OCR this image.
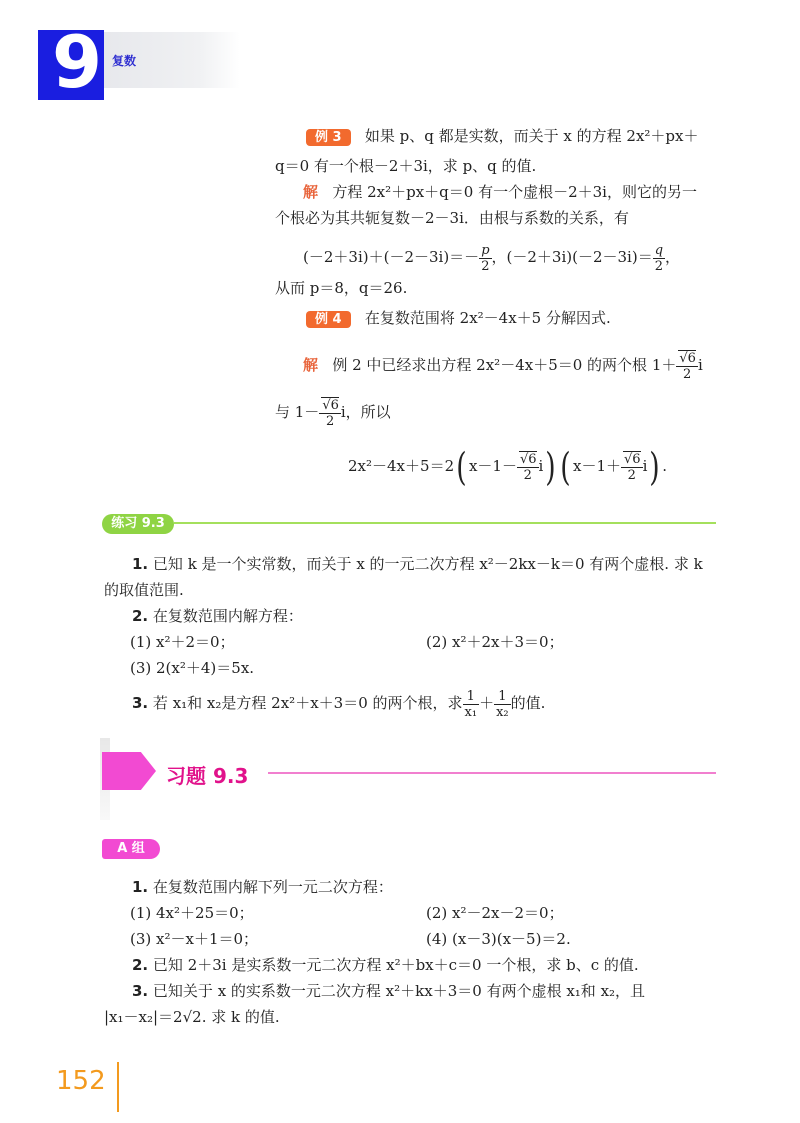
9 复数
例 3 如果 p、q 都是实数，而关于 x 的方程 2x²＋px＋
q＝0 有一个根－2＋3i，求 p、q 的值.
解 方程 2x²＋px＋q＝0 有一个虚根－2＋3i，则它的另一
个根必为其共轭复数－2－3i．由根与系数的关系，有
$(-2+3i)+(-2-3i)=- \frac{p}{2}$ ，$(-2+3i)(-2-3i)= \frac{q}{2}$ ，
从而 p＝8，q＝26.
例 4 在复数范围将 2x²－4x＋5 分解因式.
解 例 2 中已经求出方程 2x²－4x＋5＝0 的两个根 $1+ \frac{√6}{2}$ i
与 $1- \frac{√6}{2}$ i，所以
2x²－4x＋5＝2( $x-1- \frac{√6}{2} i$) ( $x-1+ \frac{√6}{2} i$) .
练习 9.3
1. 已知 k 是一个实常数，而关于 x 的一元二次方程 x²－2kx－k＝0 有两个虚根. 求 k
的取值范围.
2. 在复数范围内解方程：
(1) x²＋2＝0；	(2) x²＋2x＋3＝0；
(3) 2(x²＋4)＝5x.
3. 若 x₁和 x₂是方程 2x²＋x＋3＝0 的两个根，求 $\frac{1}{\text{x₁}} + \frac{1}{\text{x₂}}$ 的值.
习题 9.3
A 组
1. 在复数范围内解下列一元二次方程：
(1) 4x²＋25＝0；	(2) x²－2x－2＝0；
(3) x²－x＋1＝0；	(4) (x－3)(x－5)＝2.
2. 已知 2＋3i 是实系数一元二次方程 x²＋bx＋c＝0 一个根，求 b、c 的值.
3. 已知关于 x 的实系数一元二次方程 x²＋kx＋3＝0 有两个虚根 x₁和 x₂，且
|x₁－x₂|＝2√2. 求 k 的值.
152
